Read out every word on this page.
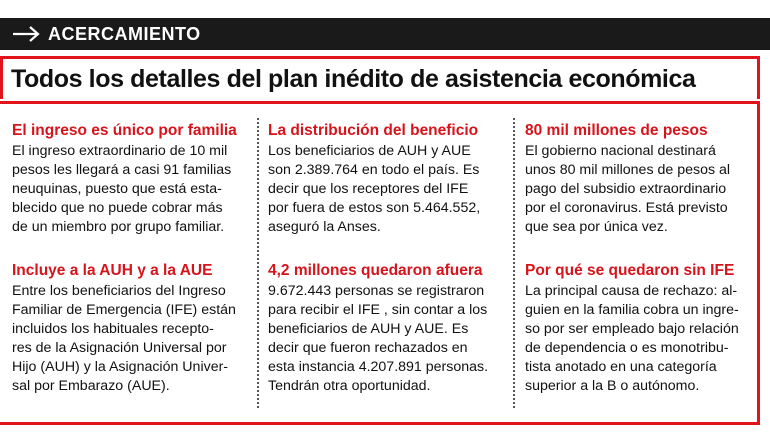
ACERCAMIENTO
Todos los detalles del plan inédito de asistencia económica
El ingreso es único por familia

El ingreso extraordinario de 10 mil
pesos les llegará a casi 91 familias
neuquinas, puesto que está esta-
blecido que no puede cobrar más
de un miembro por grupo familiar.

Incluye a la AUH y a la AUE

Entre los beneficiarios del Ingreso
Familiar de Emergencia (IFE) están
incluidos los habituales recepto-
res de la Asignación Universal por
Hijo (AUH) y la Asignación Univer-
sal por Embarazo (AUE).

La distribución del beneficio

Los beneficiarios de AUH y AUE
son 2.389.764 en todo el país. Es
decir que los receptores del IFE
por fuera de estos son 5.464.552,
aseguró la Anses.

4,2 millones quedaron afuera

9.672.443 personas se registraron
para recibir el IFE , sin contar a los
beneficiarios de AUH y AUE. Es
decir que fueron rechazados en
esta instancia 4.207.891 personas.
Tendrán otra oportunidad.

80 mil millones de pesos

El gobierno nacional destinará
unos 80 mil millones de pesos al
pago del subsidio extraordinario
por el coronavirus. Está previsto
que sea por única vez.

Por qué se quedaron sin IFE

La principal causa de rechazo: al-
guien en la familia cobra un ingre-
so por ser empleado bajo relación
de dependencia o es monotribu-
tista anotado en una categoría
superior a la B o autónomo.
